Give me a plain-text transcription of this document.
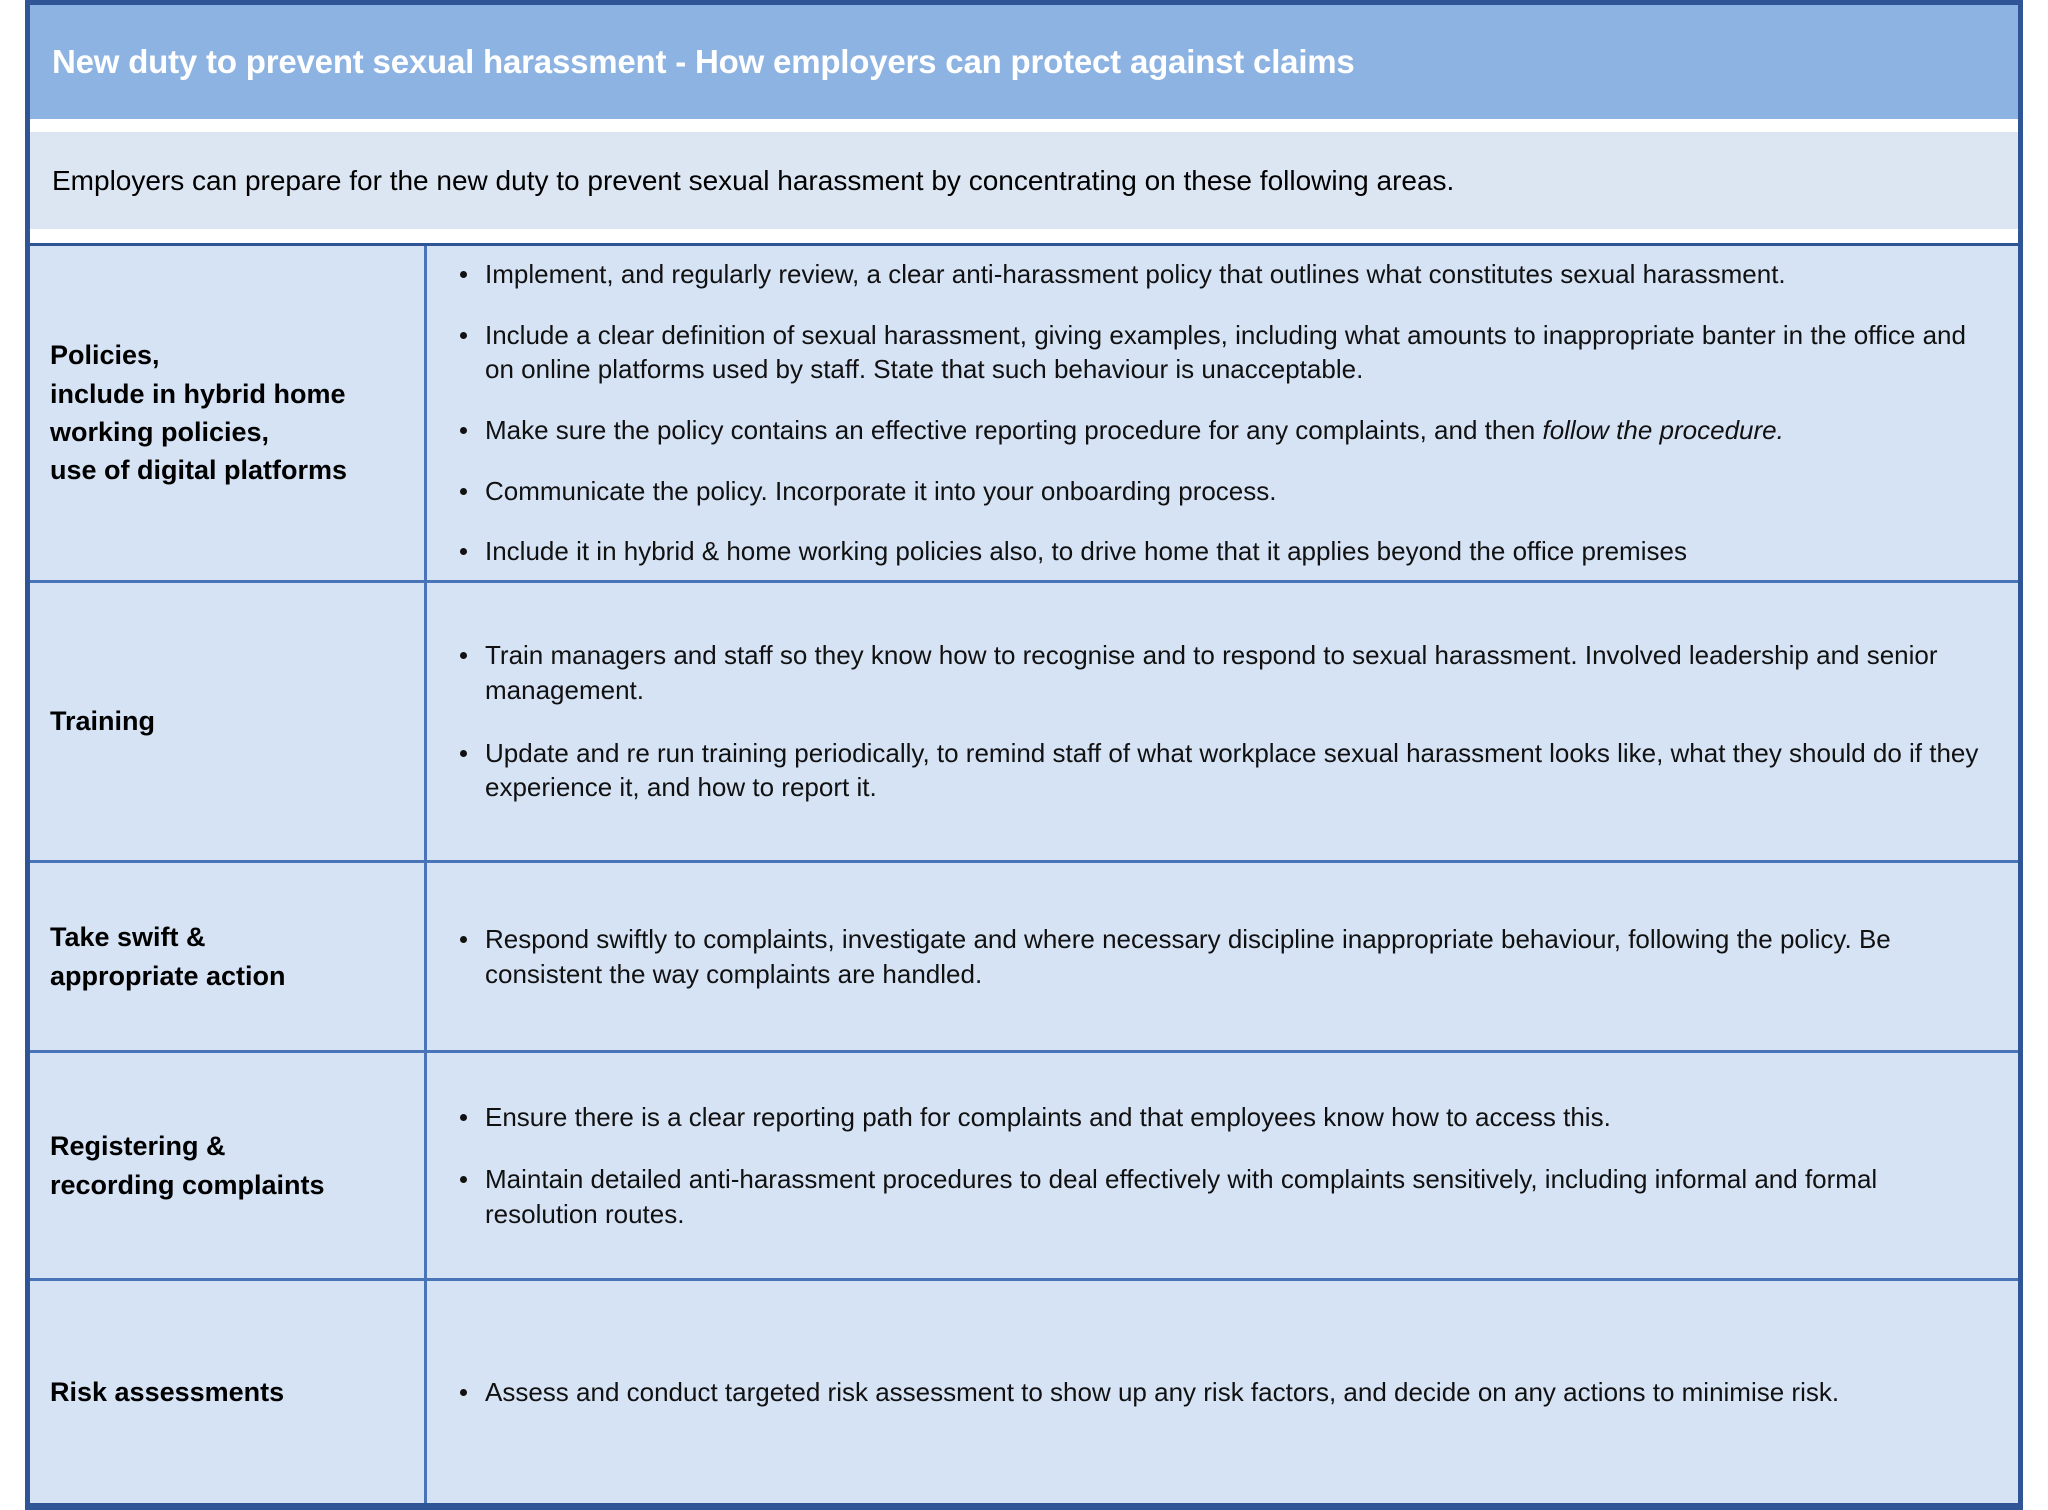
New duty to prevent sexual harassment - How employers can protect against claims
Employers can prepare for the new duty to prevent sexual harassment by concentrating on these following areas.
Policies,
include in hybrid home
working policies,
use of digital platforms
Implement, and regularly review, a clear anti-harassment policy that outlines what constitutes sexual harassment.
Include a clear definition of sexual harassment, giving examples, including what amounts to inappropriate banter in the office and on online platforms used by staff. State that such behaviour is unacceptable.
Make sure the policy contains an effective reporting procedure for any complaints, and then follow the procedure.
Communicate the policy. Incorporate it into your onboarding process.
Include it in hybrid & home working policies also, to drive home that it applies beyond the office premises
Training
Train managers and staff so they know how to recognise and to respond to sexual harassment. Involved leadership and senior management.
Update and re run training periodically, to remind staff of what workplace sexual harassment looks like, what they should do if they experience it, and how to report it.
Take swift &
appropriate action
Respond swiftly to complaints, investigate and where necessary discipline inappropriate behaviour, following the policy. Be consistent the way complaints are handled.
Registering &
recording complaints
Ensure there is a clear reporting path for complaints and that employees know how to access this.
Maintain detailed anti-harassment procedures to deal effectively with complaints sensitively, including informal and formal resolution routes.
Risk assessments	Assess and conduct targeted risk assessment to show up any risk factors, and decide on any actions to minimise risk.
